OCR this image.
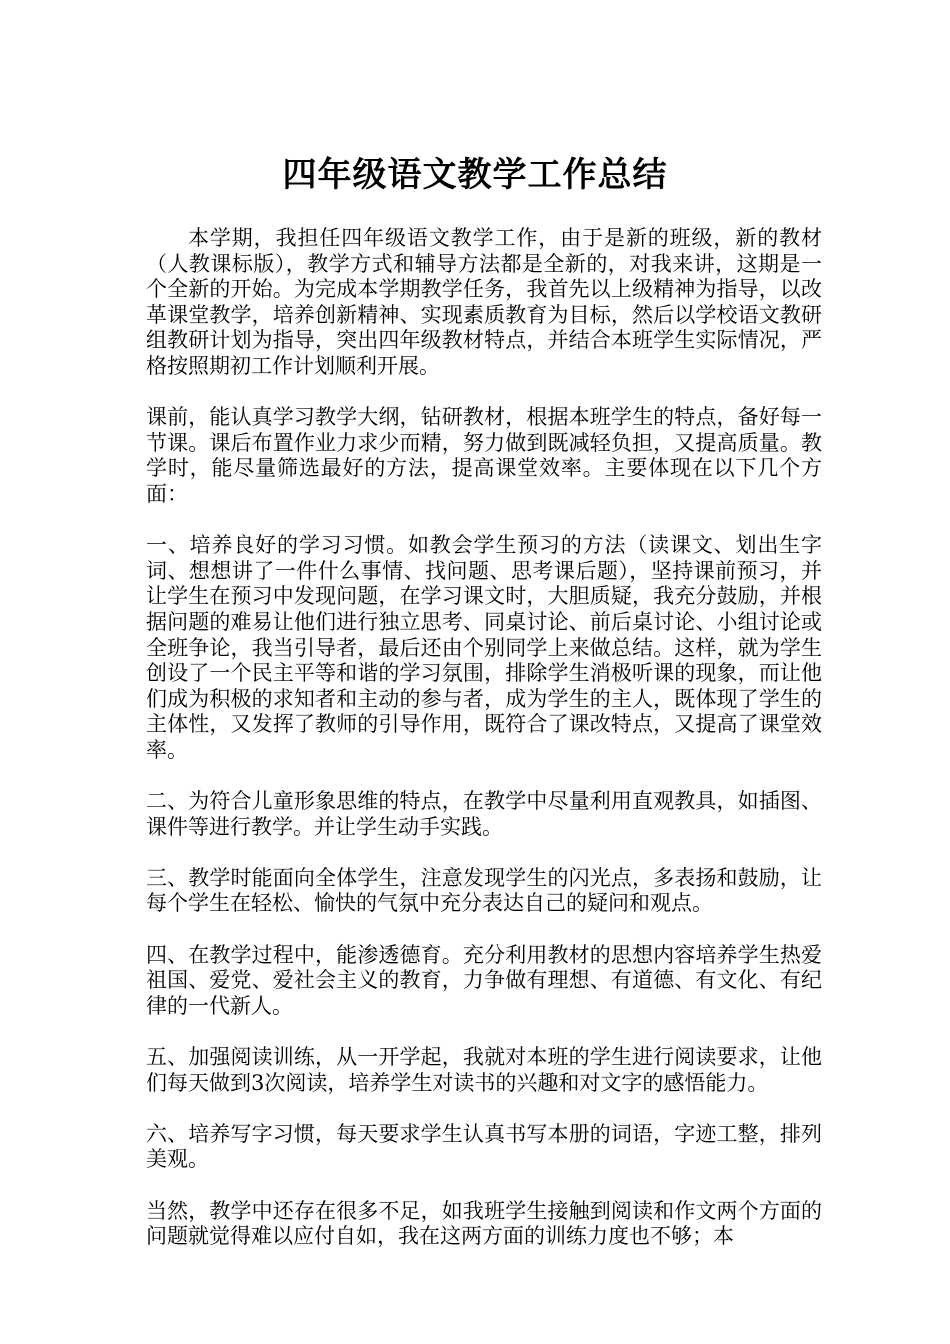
四年级语文教学工作总结

本学期，我担任四年级语文教学工作，由于是新的班级，新的教材（人教课标版），教学方式和辅导方法都是全新的，对我来讲，这期是一个全新的开始。为完成本学期教学任务，我首先以上级精神为指导，以改革课堂教学，培养创新精神、实现素质教育为目标，然后以学校语文教研组教研计划为指导，突出四年级教材特点，并结合本班学生实际情况，严格按照期初工作计划顺利开展。

课前，能认真学习教学大纲，钻研教材，根据本班学生的特点，备好每一节课。课后布置作业力求少而精，努力做到既减轻负担，又提高质量。教学时，能尽量筛选最好的方法，提高课堂效率。主要体现在以下几个方面：

一、培养良好的学习习惯。如教会学生预习的方法（读课文、划出生字词、想想讲了一件什么事情、找问题、思考课后题），坚持课前预习，并让学生在预习中发现问题，在学习课文时，大胆质疑，我充分鼓励，并根据问题的难易让他们进行独立思考、同桌讨论、前后桌讨论、小组讨论或全班争论，我当引导者，最后还由个别同学上来做总结。这样，就为学生创设了一个民主平等和谐的学习氛围，排除学生消极听课的现象，而让他们成为积极的求知者和主动的参与者，成为学生的主人，既体现了学生的主体性，又发挥了教师的引导作用，既符合了课改特点，又提高了课堂效率。

二、为符合儿童形象思维的特点，在教学中尽量利用直观教具，如插图、课件等进行教学。并让学生动手实践。

三、教学时能面向全体学生，注意发现学生的闪光点，多表扬和鼓励，让每个学生在轻松、愉快的气氛中充分表达自己的疑问和观点。

四、在教学过程中，能渗透德育。充分利用教材的思想内容培养学生热爱祖国、爱党、爱社会主义的教育，力争做有理想、有道德、有文化、有纪律的一代新人。

五、加强阅读训练，从一开学起，我就对本班的学生进行阅读要求，让他们每天做到3次阅读，培养学生对读书的兴趣和对文字的感悟能力。

六、培养写字习惯，每天要求学生认真书写本册的词语，字迹工整，排列美观。

当然，教学中还存在很多不足，如我班学生接触到阅读和作文两个方面的问题就觉得难以应付自如，我在这两方面的训练力度也不够；本
